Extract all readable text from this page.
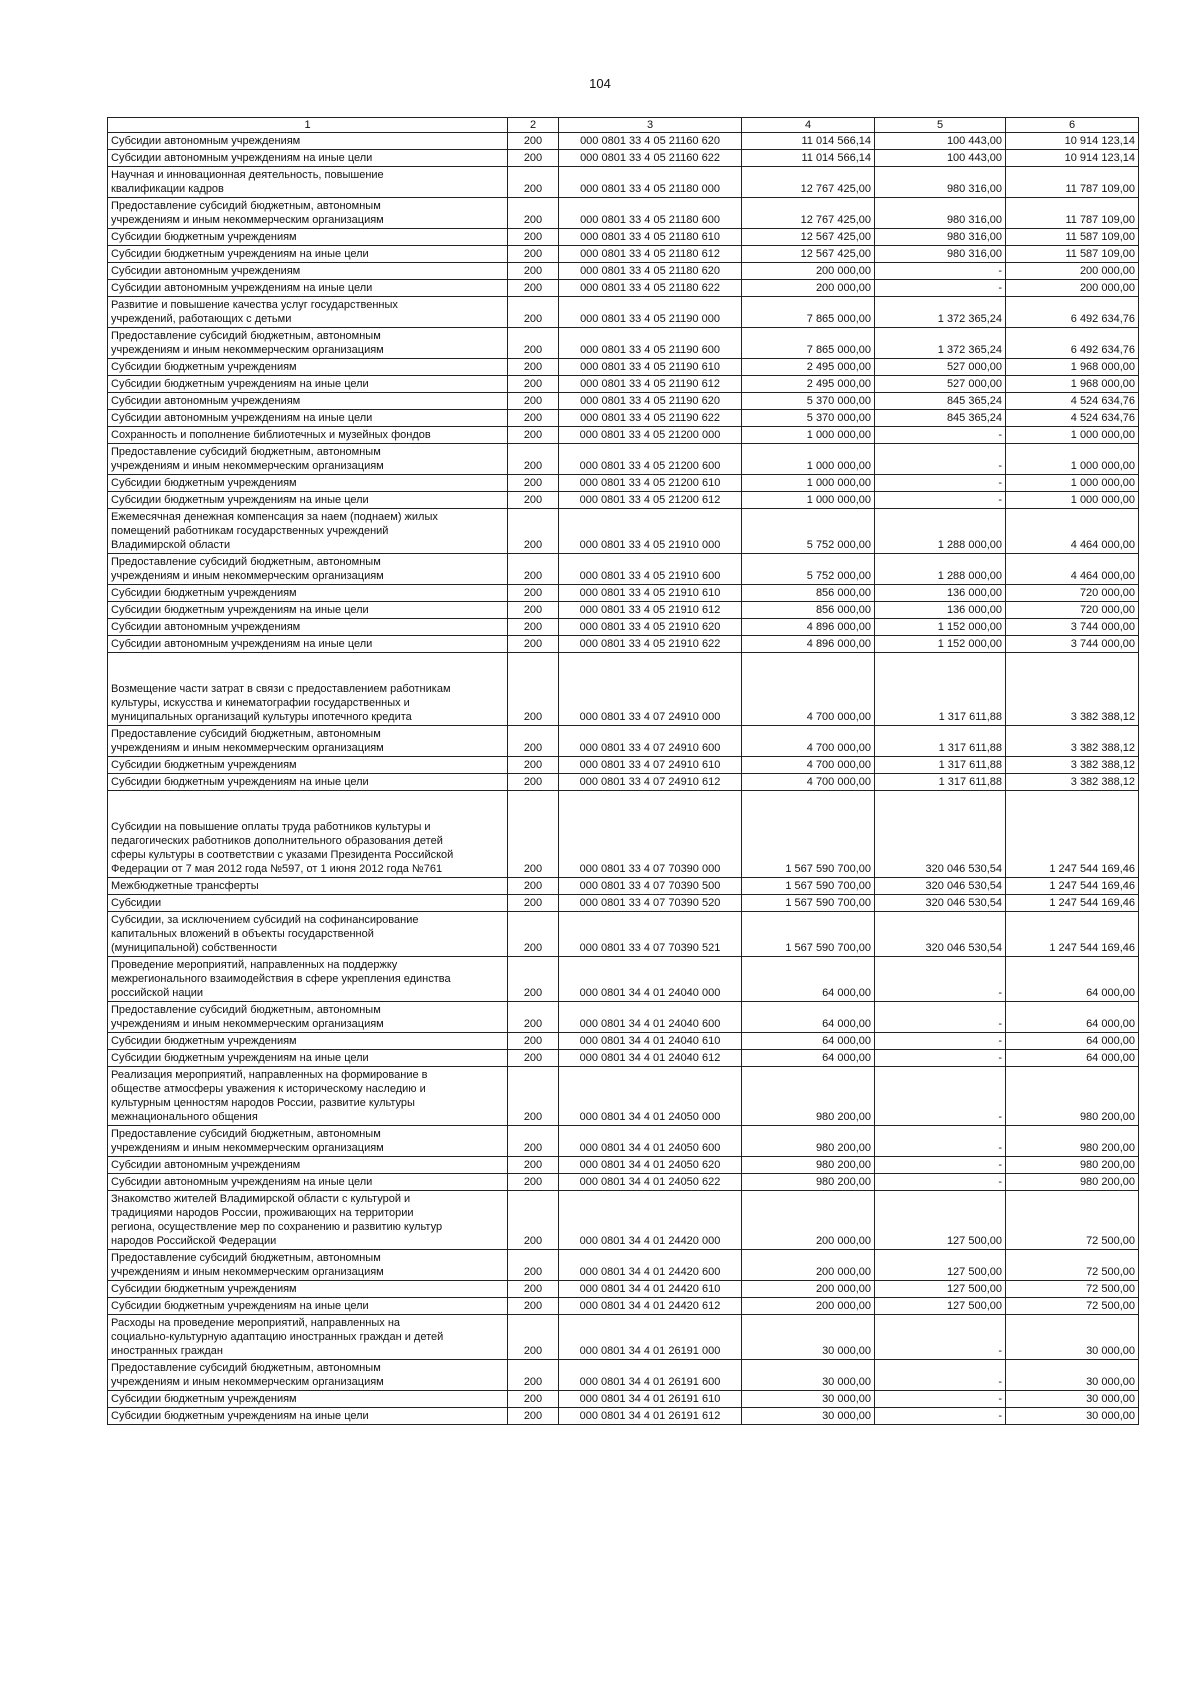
104
1	2	3	4	5	6
Субсидии автономным учреждениям	200	000 0801 33 4 05 21160 620	11 014 566,14	100 443,00	10 914 123,14
Субсидии автономным учреждениям на иные цели	200	000 0801 33 4 05 21160 622	11 014 566,14	100 443,00	10 914 123,14
Научная и инновационная деятельность, повышение
квалификации кадров	200	000 0801 33 4 05 21180 000	12 767 425,00	980 316,00	11 787 109,00
Предоставление субсидий бюджетным, автономным
учреждениям и иным некоммерческим организациям	200	000 0801 33 4 05 21180 600	12 767 425,00	980 316,00	11 787 109,00
Субсидии бюджетным учреждениям	200	000 0801 33 4 05 21180 610	12 567 425,00	980 316,00	11 587 109,00
Субсидии бюджетным учреждениям на иные цели	200	000 0801 33 4 05 21180 612	12 567 425,00	980 316,00	11 587 109,00
Субсидии автономным учреждениям	200	000 0801 33 4 05 21180 620	200 000,00	-	200 000,00
Субсидии автономным учреждениям на иные цели	200	000 0801 33 4 05 21180 622	200 000,00	-	200 000,00
Развитие и повышение качества услуг государственных
учреждений, работающих с детьми	200	000 0801 33 4 05 21190 000	7 865 000,00	1 372 365,24	6 492 634,76
Предоставление субсидий бюджетным, автономным
учреждениям и иным некоммерческим организациям	200	000 0801 33 4 05 21190 600	7 865 000,00	1 372 365,24	6 492 634,76
Субсидии бюджетным учреждениям	200	000 0801 33 4 05 21190 610	2 495 000,00	527 000,00	1 968 000,00
Субсидии бюджетным учреждениям на иные цели	200	000 0801 33 4 05 21190 612	2 495 000,00	527 000,00	1 968 000,00
Субсидии автономным учреждениям	200	000 0801 33 4 05 21190 620	5 370 000,00	845 365,24	4 524 634,76
Субсидии автономным учреждениям на иные цели	200	000 0801 33 4 05 21190 622	5 370 000,00	845 365,24	4 524 634,76
Сохранность и пополнение библиотечных и музейных фондов	200	000 0801 33 4 05 21200 000	1 000 000,00	-	1 000 000,00
Предоставление субсидий бюджетным, автономным
учреждениям и иным некоммерческим организациям	200	000 0801 33 4 05 21200 600	1 000 000,00	-	1 000 000,00
Субсидии бюджетным учреждениям	200	000 0801 33 4 05 21200 610	1 000 000,00	-	1 000 000,00
Субсидии бюджетным учреждениям на иные цели	200	000 0801 33 4 05 21200 612	1 000 000,00	-	1 000 000,00
Ежемесячная денежная компенсация за наем (поднаем) жилых
помещений работникам государственных учреждений
Владимирской области	200	000 0801 33 4 05 21910 000	5 752 000,00	1 288 000,00	4 464 000,00
Предоставление субсидий бюджетным, автономным
учреждениям и иным некоммерческим организациям	200	000 0801 33 4 05 21910 600	5 752 000,00	1 288 000,00	4 464 000,00
Субсидии бюджетным учреждениям	200	000 0801 33 4 05 21910 610	856 000,00	136 000,00	720 000,00
Субсидии бюджетным учреждениям на иные цели	200	000 0801 33 4 05 21910 612	856 000,00	136 000,00	720 000,00
Субсидии автономным учреждениям	200	000 0801 33 4 05 21910 620	4 896 000,00	1 152 000,00	3 744 000,00
Субсидии автономным учреждениям на иные цели	200	000 0801 33 4 05 21910 622	4 896 000,00	1 152 000,00	3 744 000,00

Возмещение части затрат в связи с предоставлением работникам
культуры, искусства и кинематографии государственных и
муниципальных организаций культуры ипотечного кредита	200	000 0801 33 4 07 24910 000	4 700 000,00	1 317 611,88	3 382 388,12
Предоставление субсидий бюджетным, автономным
учреждениям и иным некоммерческим организациям	200	000 0801 33 4 07 24910 600	4 700 000,00	1 317 611,88	3 382 388,12
Субсидии бюджетным учреждениям	200	000 0801 33 4 07 24910 610	4 700 000,00	1 317 611,88	3 382 388,12
Субсидии бюджетным учреждениям на иные цели	200	000 0801 33 4 07 24910 612	4 700 000,00	1 317 611,88	3 382 388,12

Субсидии на повышение оплаты труда работников культуры и
педагогических работников дополнительного образования детей
сферы культуры в соответствии с указами Президента Российской
Федерации от 7 мая 2012 года №597, от 1 июня 2012 года №761	200	000 0801 33 4 07 70390 000	1 567 590 700,00	320 046 530,54	1 247 544 169,46
Межбюджетные трансферты	200	000 0801 33 4 07 70390 500	1 567 590 700,00	320 046 530,54	1 247 544 169,46
Субсидии	200	000 0801 33 4 07 70390 520	1 567 590 700,00	320 046 530,54	1 247 544 169,46
Субсидии, за исключением субсидий на софинансирование
капитальных вложений в объекты государственной
(муниципальной) собственности	200	000 0801 33 4 07 70390 521	1 567 590 700,00	320 046 530,54	1 247 544 169,46
Проведение мероприятий, направленных на поддержку
межрегионального взаимодействия в сфере укрепления единства
российской нации	200	000 0801 34 4 01 24040 000	64 000,00	-	64 000,00
Предоставление субсидий бюджетным, автономным
учреждениям и иным некоммерческим организациям	200	000 0801 34 4 01 24040 600	64 000,00	-	64 000,00
Субсидии бюджетным учреждениям	200	000 0801 34 4 01 24040 610	64 000,00	-	64 000,00
Субсидии бюджетным учреждениям на иные цели	200	000 0801 34 4 01 24040 612	64 000,00	-	64 000,00
Реализация мероприятий, направленных на формирование в
обществе атмосферы уважения к историческому наследию и
культурным ценностям народов России, развитие культуры
межнационального общения	200	000 0801 34 4 01 24050 000	980 200,00	-	980 200,00
Предоставление субсидий бюджетным, автономным
учреждениям и иным некоммерческим организациям	200	000 0801 34 4 01 24050 600	980 200,00	-	980 200,00
Субсидии автономным учреждениям	200	000 0801 34 4 01 24050 620	980 200,00	-	980 200,00
Субсидии автономным учреждениям на иные цели	200	000 0801 34 4 01 24050 622	980 200,00	-	980 200,00
Знакомство жителей Владимирской области с культурой и
традициями народов России, проживающих на территории
региона, осуществление мер по сохранению и развитию культур
народов Российской Федерации	200	000 0801 34 4 01 24420 000	200 000,00	127 500,00	72 500,00
Предоставление субсидий бюджетным, автономным
учреждениям и иным некоммерческим организациям	200	000 0801 34 4 01 24420 600	200 000,00	127 500,00	72 500,00
Субсидии бюджетным учреждениям	200	000 0801 34 4 01 24420 610	200 000,00	127 500,00	72 500,00
Субсидии бюджетным учреждениям на иные цели	200	000 0801 34 4 01 24420 612	200 000,00	127 500,00	72 500,00
Расходы на проведение мероприятий, направленных на
социально-культурную адаптацию иностранных граждан и детей
иностранных граждан	200	000 0801 34 4 01 26191 000	30 000,00	-	30 000,00
Предоставление субсидий бюджетным, автономным
учреждениям и иным некоммерческим организациям	200	000 0801 34 4 01 26191 600	30 000,00	-	30 000,00
Субсидии бюджетным учреждениям	200	000 0801 34 4 01 26191 610	30 000,00	-	30 000,00
Субсидии бюджетным учреждениям на иные цели	200	000 0801 34 4 01 26191 612	30 000,00	-	30 000,00
